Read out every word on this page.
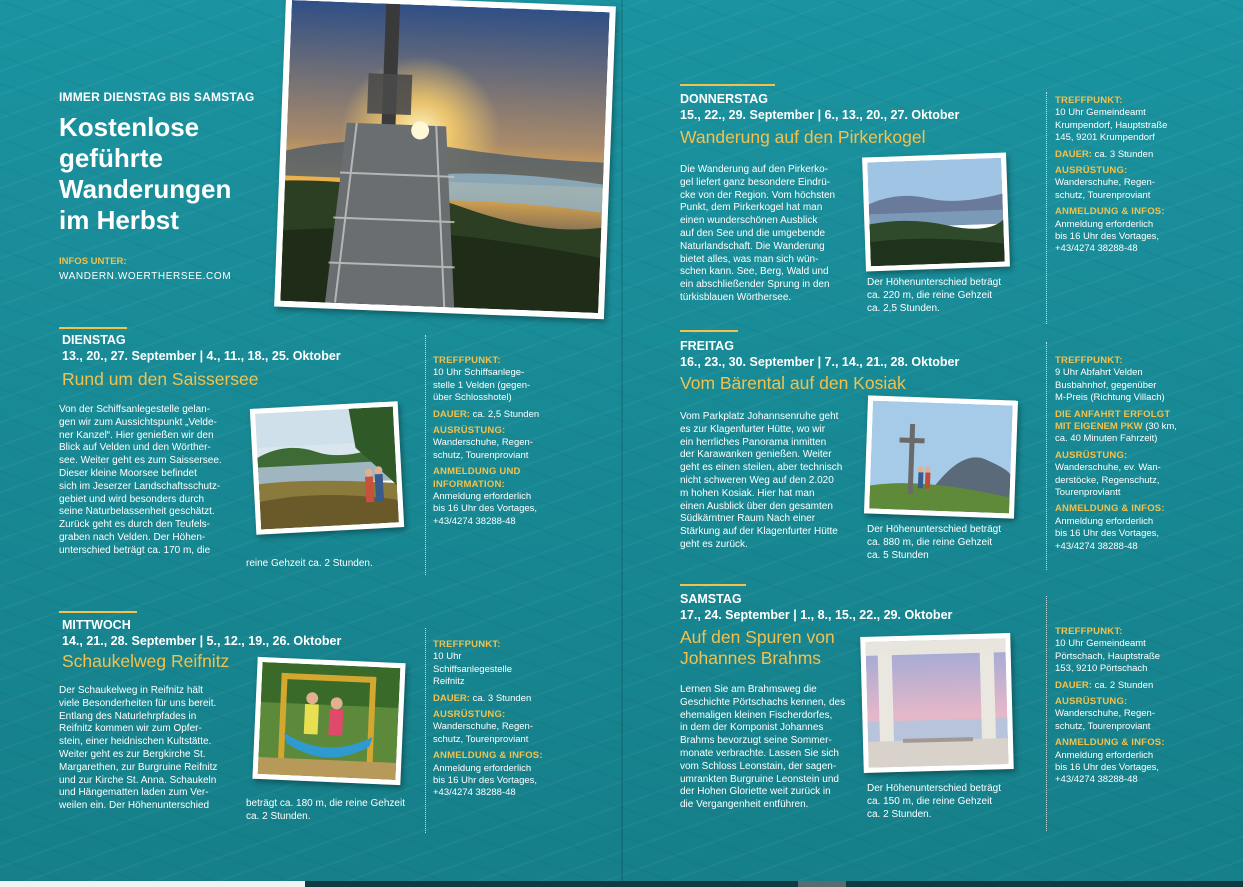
IMMER DIENSTAG BIS SAMSTAG
Kostenlose
geführte
Wanderungen
im Herbst
INFOS UNTER:
WANDERN.WOERTHERSEE.COM
DIENSTAG
13., 20., 27. September | 4., 11., 18., 25. Oktober
Rund um den Saissersee
Von der Schiffsanlegestelle gelan-
gen wir zum Aussichtspunkt „Velde-
ner Kanzel“. Hier genießen wir den
Blick auf Velden und den Wörther-
see. Weiter geht es zum Saissersee.
Dieser kleine Moorsee befindet
sich im Jeserzer Landschaftsschutz-
gebiet und wird besonders durch
seine Naturbelassenheit geschätzt.
Zurück geht es durch den Teufels-
graben nach Velden. Der Höhen-
unterschied beträgt ca. 170 m, die
reine Gehzeit ca. 2 Stunden.
TREFFPUNKT:
10 Uhr Schiffsanlege-
stelle 1 Velden (gegen-
über Schlosshotel)
DAUER: ca. 2,5 Stunden
AUSRÜSTUNG:
Wanderschuhe, Regen-
schutz, Tourenproviant
ANMELDUNG UND
INFORMATION:
Anmeldung erforderlich
bis 16 Uhr des Vortages,
+43/4274 38288-48
MITTWOCH
14., 21., 28. September | 5., 12., 19., 26. Oktober
Schaukelweg Reifnitz
Der Schaukelweg in Reifnitz hält
viele Besonderheiten für uns bereit.
Entlang des Naturlehrpfades in
Reifnitz kommen wir zum Opfer-
stein, einer heidnischen Kultstätte.
Weiter geht es zur Bergkirche St.
Margarethen, zur Burgruine Reifnitz
und zur Kirche St. Anna. Schaukeln
und Hängematten laden zum Ver-
weilen ein. Der Höhenunterschied	beträgt ca. 180 m, die reine Gehzeit
ca. 2 Stunden.
TREFFPUNKT:
10 Uhr
Schiffsanlegestelle
Reifnitz
DAUER: ca. 3 Stunden
AUSRÜSTUNG:
Wanderschuhe, Regen-
schutz, Tourenproviant
ANMELDUNG & INFOS:
Anmeldung erforderlich
bis 16 Uhr des Vortages,
+43/4274 38288-48
DONNERSTAG
15., 22., 29. September | 6., 13., 20., 27. Oktober
Wanderung auf den Pirkerkogel
Die Wanderung auf den Pirkerko-
gel liefert ganz besondere Eindrü-
cke von der Region. Vom höchsten
Punkt, dem Pirkerkogel hat man
einen wunderschönen Ausblick
auf den See und die umgebende
Naturlandschaft. Die Wanderung
bietet alles, was man sich wün-
schen kann. See, Berg, Wald und
ein abschließender Sprung in den
türkisblauen Wörthersee.
Der Höhenunterschied beträgt
ca. 220 m, die reine Gehzeit
ca. 2,5 Stunden.
TREFFPUNKT:
10 Uhr Gemeindeamt
Krumpendorf, Hauptstraße
145, 9201 Krumpendorf
DAUER: ca. 3 Stunden
AUSRÜSTUNG:
Wanderschuhe, Regen-
schutz, Tourenproviant
ANMELDUNG & INFOS:
Anmeldung erforderlich
bis 16 Uhr des Vortages,
+43/4274 38288-48
FREITAG
16., 23., 30. September | 7., 14., 21., 28. Oktober
Vom Bärental auf den Kosiak
Vom Parkplatz Johannsenruhe geht
es zur Klagenfurter Hütte, wo wir
ein herrliches Panorama inmitten
der Karawanken genießen. Weiter
geht es einen steilen, aber technisch
nicht schweren Weg auf den 2.020
m hohen Kosiak. Hier hat man
einen Ausblick über den gesamten
Südkärntner Raum Nach einer
Stärkung auf der Klagenfurter Hütte
geht es zurück.
Der Höhenunterschied beträgt
ca. 880 m, die reine Gehzeit
ca. 5 Stunden
TREFFPUNKT:
9 Uhr Abfahrt Velden
Busbahnhof, gegenüber
M-Preis (Richtung Villach)
DIE ANFAHRT ERFOLGT
MIT EIGENEM PKW (30 km,
ca. 40 Minuten Fahrzeit)
AUSRÜSTUNG:
Wanderschuhe, ev. Wan-
derstöcke, Regenschutz,
Tourenproviantt
ANMELDUNG & INFOS:
Anmeldung erforderlich
bis 16 Uhr des Vortages,
+43/4274 38288-48
SAMSTAG
17., 24. September | 1., 8., 15., 22., 29. Oktober
Auf den Spuren von
Johannes Brahms
Lernen Sie am Brahmsweg die
Geschichte Pörtschachs kennen, des
ehemaligen kleinen Fischerdorfes,
in dem der Komponist Johannes
Brahms bevorzugt seine Sommer-
monate verbrachte. Lassen Sie sich
vom Schloss Leonstain, der sagen-
umrankten Burgruine Leonstein und
der Hohen Gloriette weit zurück in
die Vergangenheit entführen.
Der Höhenunterschied beträgt
ca. 150 m, die reine Gehzeit
ca. 2 Stunden.
TREFFPUNKT:
10 Uhr Gemeindeamt
Pörtschach, Hauptstraße
153, 9210 Pörtschach
DAUER: ca. 2 Stunden
AUSRÜSTUNG:
Wanderschuhe, Regen-
schutz, Tourenproviant
ANMELDUNG & INFOS:
Anmeldung erforderlich
bis 16 Uhr des Vortages,
+43/4274 38288-48
